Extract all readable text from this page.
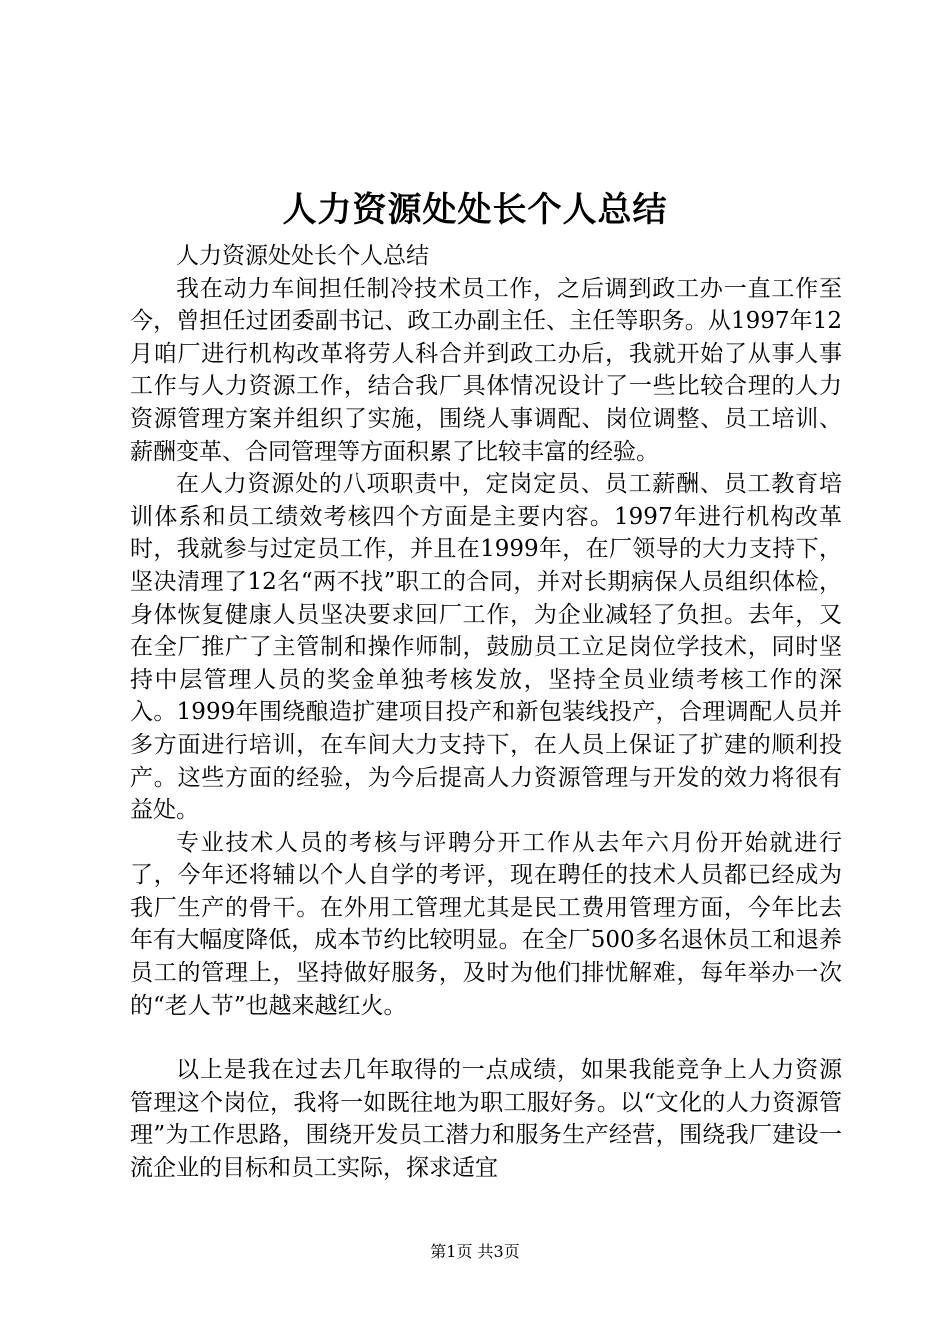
人力资源处处长个人总结

人力资源处处长个人总结

我在动力车间担任制冷技术员工作，之后调到政工办一直工作至今，曾担任过团委副书记、政工办副主任、主任等职务。从1997年12月咱厂进行机构改革将劳人科合并到政工办后，我就开始了从事人事工作与人力资源工作，结合我厂具体情况设计了一些比较合理的人力资源管理方案并组织了实施，围绕人事调配、岗位调整、员工培训、薪酬变革、合同管理等方面积累了比较丰富的经验。

在人力资源处的八项职责中，定岗定员、员工薪酬、员工教育培训体系和员工绩效考核四个方面是主要内容。1997年进行机构改革时，我就参与过定员工作，并且在1999年，在厂领导的大力支持下，坚决清理了12名“两不找”职工的合同，并对长期病保人员组织体检，身体恢复健康人员坚决要求回厂工作，为企业减轻了负担。去年，又在全厂推广了主管制和操作师制，鼓励员工立足岗位学技术，同时坚持中层管理人员的奖金单独考核发放，坚持全员业绩考核工作的深入。1999年围绕酿造扩建项目投产和新包装线投产，合理调配人员并多方面进行培训，在车间大力支持下，在人员上保证了扩建的顺利投产。这些方面的经验，为今后提高人力资源管理与开发的效力将很有益处。

专业技术人员的考核与评聘分开工作从去年六月份开始就进行了，今年还将辅以个人自学的考评，现在聘任的技术人员都已经成为我厂生产的骨干。在外用工管理尤其是民工费用管理方面，今年比去年有大幅度降低，成本节约比较明显。在全厂500多名退休员工和退养员工的管理上，坚持做好服务，及时为他们排忧解难，每年举办一次的“老人节”也越来越红火。

以上是我在过去几年取得的一点成绩，如果我能竞争上人力资源管理这个岗位，我将一如既往地为职工服好务。以“文化的人力资源管理”为工作思路，围绕开发员工潜力和服务生产经营，围绕我厂建设一流企业的目标和员工实际，探求适宜

第1页 共3页
